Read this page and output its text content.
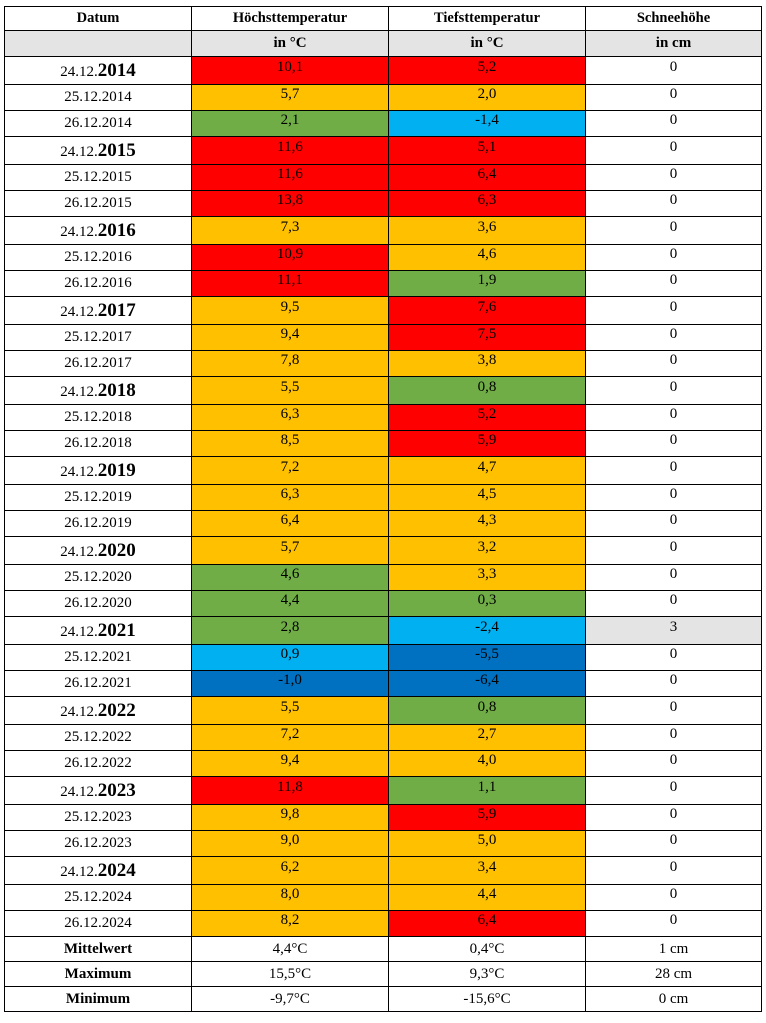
Datum	Höchsttemperatur	Tiefsttemperatur	Schneehöhe
	in °C	in °C	in cm
24.12.2014	10,1	5,2	0
25.12.2014	5,7	2,0	0
26.12.2014	2,1	-1,4	0
24.12.2015	11,6	5,1	0
25.12.2015	11,6	6,4	0
26.12.2015	13,8	6,3	0
24.12.2016	7,3	3,6	0
25.12.2016	10,9	4,6	0
26.12.2016	11,1	1,9	0
24.12.2017	9,5	7,6	0
25.12.2017	9,4	7,5	0
26.12.2017	7,8	3,8	0
24.12.2018	5,5	0,8	0
25.12.2018	6,3	5,2	0
26.12.2018	8,5	5,9	0
24.12.2019	7,2	4,7	0
25.12.2019	6,3	4,5	0
26.12.2019	6,4	4,3	0
24.12.2020	5,7	3,2	0
25.12.2020	4,6	3,3	0
26.12.2020	4,4	0,3	0
24.12.2021	2,8	-2,4	3
25.12.2021	0,9	-5,5	0
26.12.2021	-1,0	-6,4	0
24.12.2022	5,5	0,8	0
25.12.2022	7,2	2,7	0
26.12.2022	9,4	4,0	0
24.12.2023	11,8	1,1	0
25.12.2023	9,8	5,9	0
26.12.2023	9,0	5,0	0
24.12.2024	6,2	3,4	0
25.12.2024	8,0	4,4	0
26.12.2024	8,2	6,4	0
Mittelwert	4,4°C	0,4°C	1 cm
Maximum	15,5°C	9,3°C	28 cm
Minimum	-9,7°C	-15,6°C	0 cm
